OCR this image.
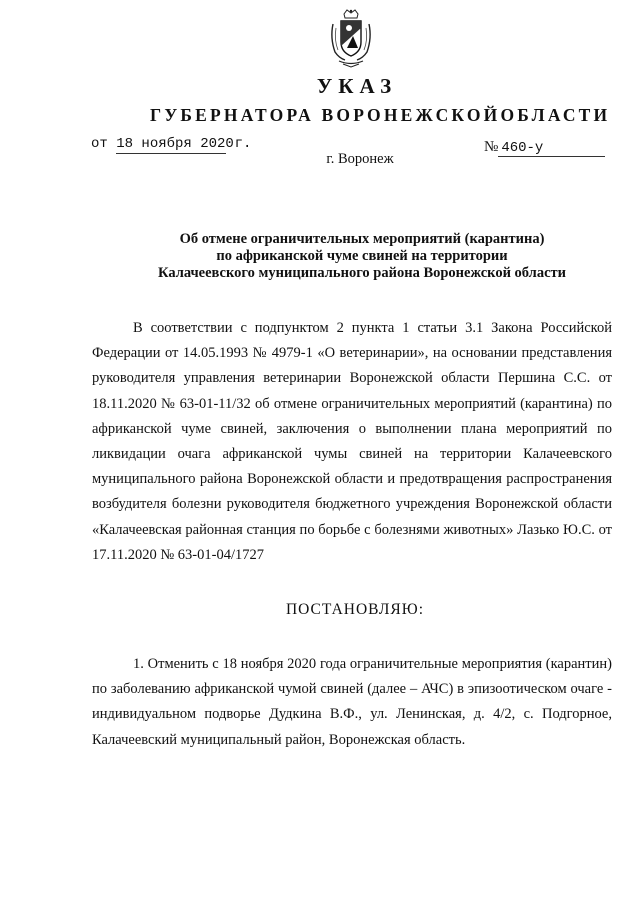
УКАЗ
ГУБЕРНАТОРА ВОРОНЕЖСКОЙОБЛАСТИ
от 18 ноября 2020 г.	№ 460-у
г. Воронеж
Об отмене ограничительных мероприятий (карантина)
по африканской чуме свиней на территории
Калачеевского муниципального района Воронежской области

В соответствии с подпунктом 2 пункта 1 статьи 3.1 Закона Российской Федерации от 14.05.1993 № 4979-1 «О ветеринарии», на основании представления руководителя управления ветеринарии Воронежской области Першина С.С. от 18.11.2020 № 63-01-11/32 об отмене ограничительных мероприятий (карантина) по африканской чуме свиней, заключения о выполнении плана мероприятий по ликвидации очага африканской чумы свиней на территории Калачеевского муниципального района Воронежской области и предотвращения распространения возбудителя болезни руководителя бюджетного учреждения Воронежской области «Калачеевская районная станция по борьбе с болезнями животных» Лазько Ю.С. от 17.11.2020 № 63-01-04/1727

ПОСТАНОВЛЯЮ:

1. Отменить с 18 ноября 2020 года ограничительные мероприятия (карантин) по заболеванию африканской чумой свиней (далее – АЧС) в эпизоотическом очаге - индивидуальном подворье Дудкина В.Ф., ул. Ленинская, д. 4/2, с. Подгорное, Калачеевский муниципальный район, Воронежская область.
